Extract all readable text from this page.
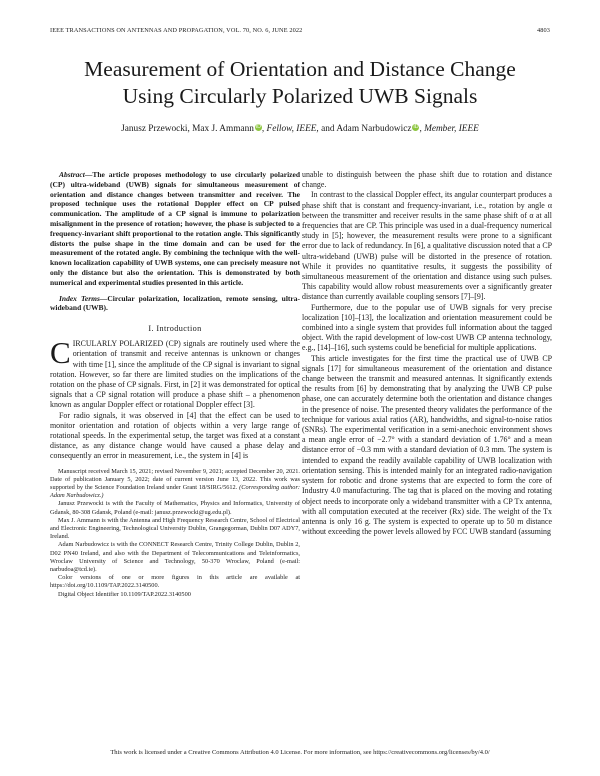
IEEE TRANSACTIONS ON ANTENNAS AND PROPAGATION, VOL. 70, NO. 6, JUNE 2022	4803
Measurement of Orientation and Distance Change
Using Circularly Polarized UWB Signals
Janusz Przewocki, Max J. Ammann iD, Fellow, IEEE, and Adam Narbudowicz iD, Member, IEEE

Abstract—The article proposes methodology to use circularly polarized (CP) ultra-wideband (UWB) signals for simultaneous measurement of orientation and distance changes between transmitter and receiver. The proposed technique uses the rotational Doppler effect on CP pulsed communication. The amplitude of a CP signal is immune to polarization misalignment in the presence of rotation; however, the phase is subjected to a frequency-invariant shift proportional to the rotation angle. This significantly distorts the pulse shape in the time domain and can be used for the measurement of the rotated angle. By combining the technique with the well-known localization capability of UWB systems, one can precisely measure not only the distance but also the orientation. This is demonstrated by both numerical and experimental studies presented in this article.

Index Terms—Circular polarization, localization, remote sensing, ultra-wideband (UWB).

I. Introduction

CIRCULARLY POLARIZED (CP) signals are routinely used where the orientation of transmit and receive antennas is unknown or changes with time [1], since the amplitude of the CP signal is invariant to signal rotation. However, so far there are limited studies on the implications of the rotation on the phase of CP signals. First, in [2] it was demonstrated for optical signals that a CP signal rotation will produce a phase shift – a phenomenon known as angular Doppler effect or rotational Doppler effect [3].

For radio signals, it was observed in [4] that the effect can be used to monitor orientation and rotation of objects within a very large range of rotational speeds. In the experimental setup, the target was fixed at a constant distance, as any distance change would have caused a phase delay and consequently an error in measurement, i.e., the system in [4] is

Manuscript received March 15, 2021; revised November 9, 2021; accepted December 20, 2021. Date of publication January 5, 2022; date of current version June 13, 2022. This work was supported by the Science Foundation Ireland under Grant 18/SIRG/5612. (Corresponding author: Adam Narbudowicz.)

Janusz Przewocki is with the Faculty of Mathematics, Physics and Informatics, University of Gdansk, 80-308 Gdansk, Poland (e-mail: janusz.przewocki@ug.edu.pl).

Max J. Ammann is with the Antenna and High Frequency Research Centre, School of Electrical and Electronic Engineering, Technological University Dublin, Grangegorman, Dublin D07 ADY7, Ireland.

Adam Narbudowicz is with the CONNECT Research Centre, Trinity College Dublin, Dublin 2, D02 PN40 Ireland, and also with the Department of Telecommunications and Teleinformatics, Wroclaw University of Science and Technology, 50-370 Wroclaw, Poland (e-mail: narbudoa@tcd.ie).

Color versions of one or more figures in this article are available at https://doi.org/10.1109/TAP.2022.3140500.

Digital Object Identifier 10.1109/TAP.2022.3140500

unable to distinguish between the phase shift due to rotation and distance change.

In contrast to the classical Doppler effect, its angular counterpart produces a phase shift that is constant and frequency-invariant, i.e., rotation by angle α between the transmitter and receiver results in the same phase shift of α at all frequencies that are CP. This principle was used in a dual-frequency numerical study in [5]; however, the measurement results were prone to a significant error due to lack of redundancy. In [6], a qualitative discussion noted that a CP ultra-wideband (UWB) pulse will be distorted in the presence of rotation. While it provides no quantitative results, it suggests the possibility of simultaneous measurement of the orientation and distance using such pulses. This capability would allow robust measurements over a significantly greater distance than currently available coupling sensors [7]–[9].

Furthermore, due to the popular use of UWB signals for very precise localization [10]–[13], the localization and orientation measurement could be combined into a single system that provides full information about the tagged object. With the rapid development of low-cost UWB CP antenna technology, e.g., [14]–[16], such systems could be beneficial for multiple applications.

This article investigates for the first time the practical use of UWB CP signals [17] for simultaneous measurement of the orientation and distance change between the transmit and measured antennas. It significantly extends the results from [6] by demonstrating that by analyzing the UWB CP pulse phase, one can accurately determine both the orientation and distance changes in the presence of noise. The presented theory validates the performance of the technique for various axial ratios (AR), handwidths, and signal-to-noise ratios (SNRs). The experimental verification in a semi-anechoic environment shows a mean angle error of −2.7° with a standard deviation of 1.76° and a mean distance error of −0.3 mm with a standard deviation of 0.3 mm. The system is intended to expand the readily available capability of UWB localization with orientation sensing. This is intended mainly for an integrated radio-navigation system for robotic and drone systems that are expected to form the core of Industry 4.0 manufacturing. The tag that is placed on the moving and rotating object needs to incorporate only a wideband transmitter with a CP Tx antenna, with all computation executed at the receiver (Rx) side. The weight of the Tx antenna is only 16 g. The system is expected to operate up to 50 m distance without exceeding the power levels allowed by FCC UWB standard (assuming

This work is licensed under a Creative Commons Attribution 4.0 License. For more information, see https://creativecommons.org/licenses/by/4.0/
